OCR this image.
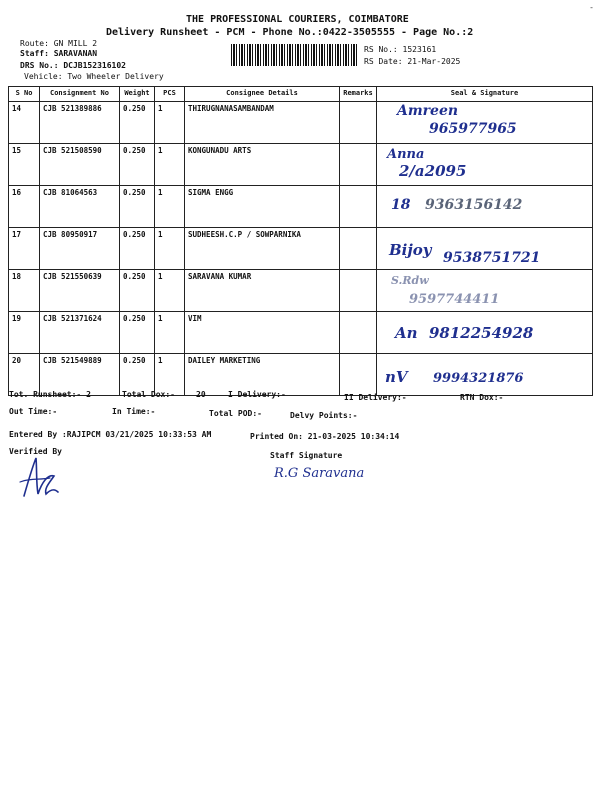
-
THE PROFESSIONAL COURIERS, COIMBATORE
Delivery Runsheet - PCM - Phone No.:0422-3505555 - Page No.:2
Route: GN MILL 2
Staff: SARAVANAN
DRS No.: DCJB152316102
Vehicle: Two Wheeler Delivery
RS No.: 1523161
RS Date: 21-Mar-2025
S No	Consignment No	Weight	PCS	Consignee Details	Remarks	Seal & Signature
14	CJB 521389886	0.250	1	THIRUGNANASAMBANDAM		Amreen
965977965

15	CJB 521508590	0.250	1	KONGUNADU ARTS		Anna
2/a2095

16	CJB 81064563	0.250	1	SIGMA ENGG		18 9363156142

17	CJB 80950917	0.250	1	SUDHEESH.C.P / SOWPARNIKA		Bijoy 9538751721

18	CJB 521550639	0.250	1	SARAVANA KUMAR		S.Rdw
9597744411

19	CJB 521371624	0.250	1	VIM		An 9812254928

20	CJB 521549889	0.250	1	DAILEY MARKETING		nV 9994321876
Tot. Runsheet:- 2	Total Dox:-	20	I Delivery:-	II Delivery:-	RTN Dox:-
Out Time:-	In Time:-	Total POD:-	Delvy Points:-
Entered By :RAJIPCM 03/21/2025 10:33:53 AM	Printed On: 21-03-2025 10:34:14
Verified By	Staff Signature
R.G Saravana
